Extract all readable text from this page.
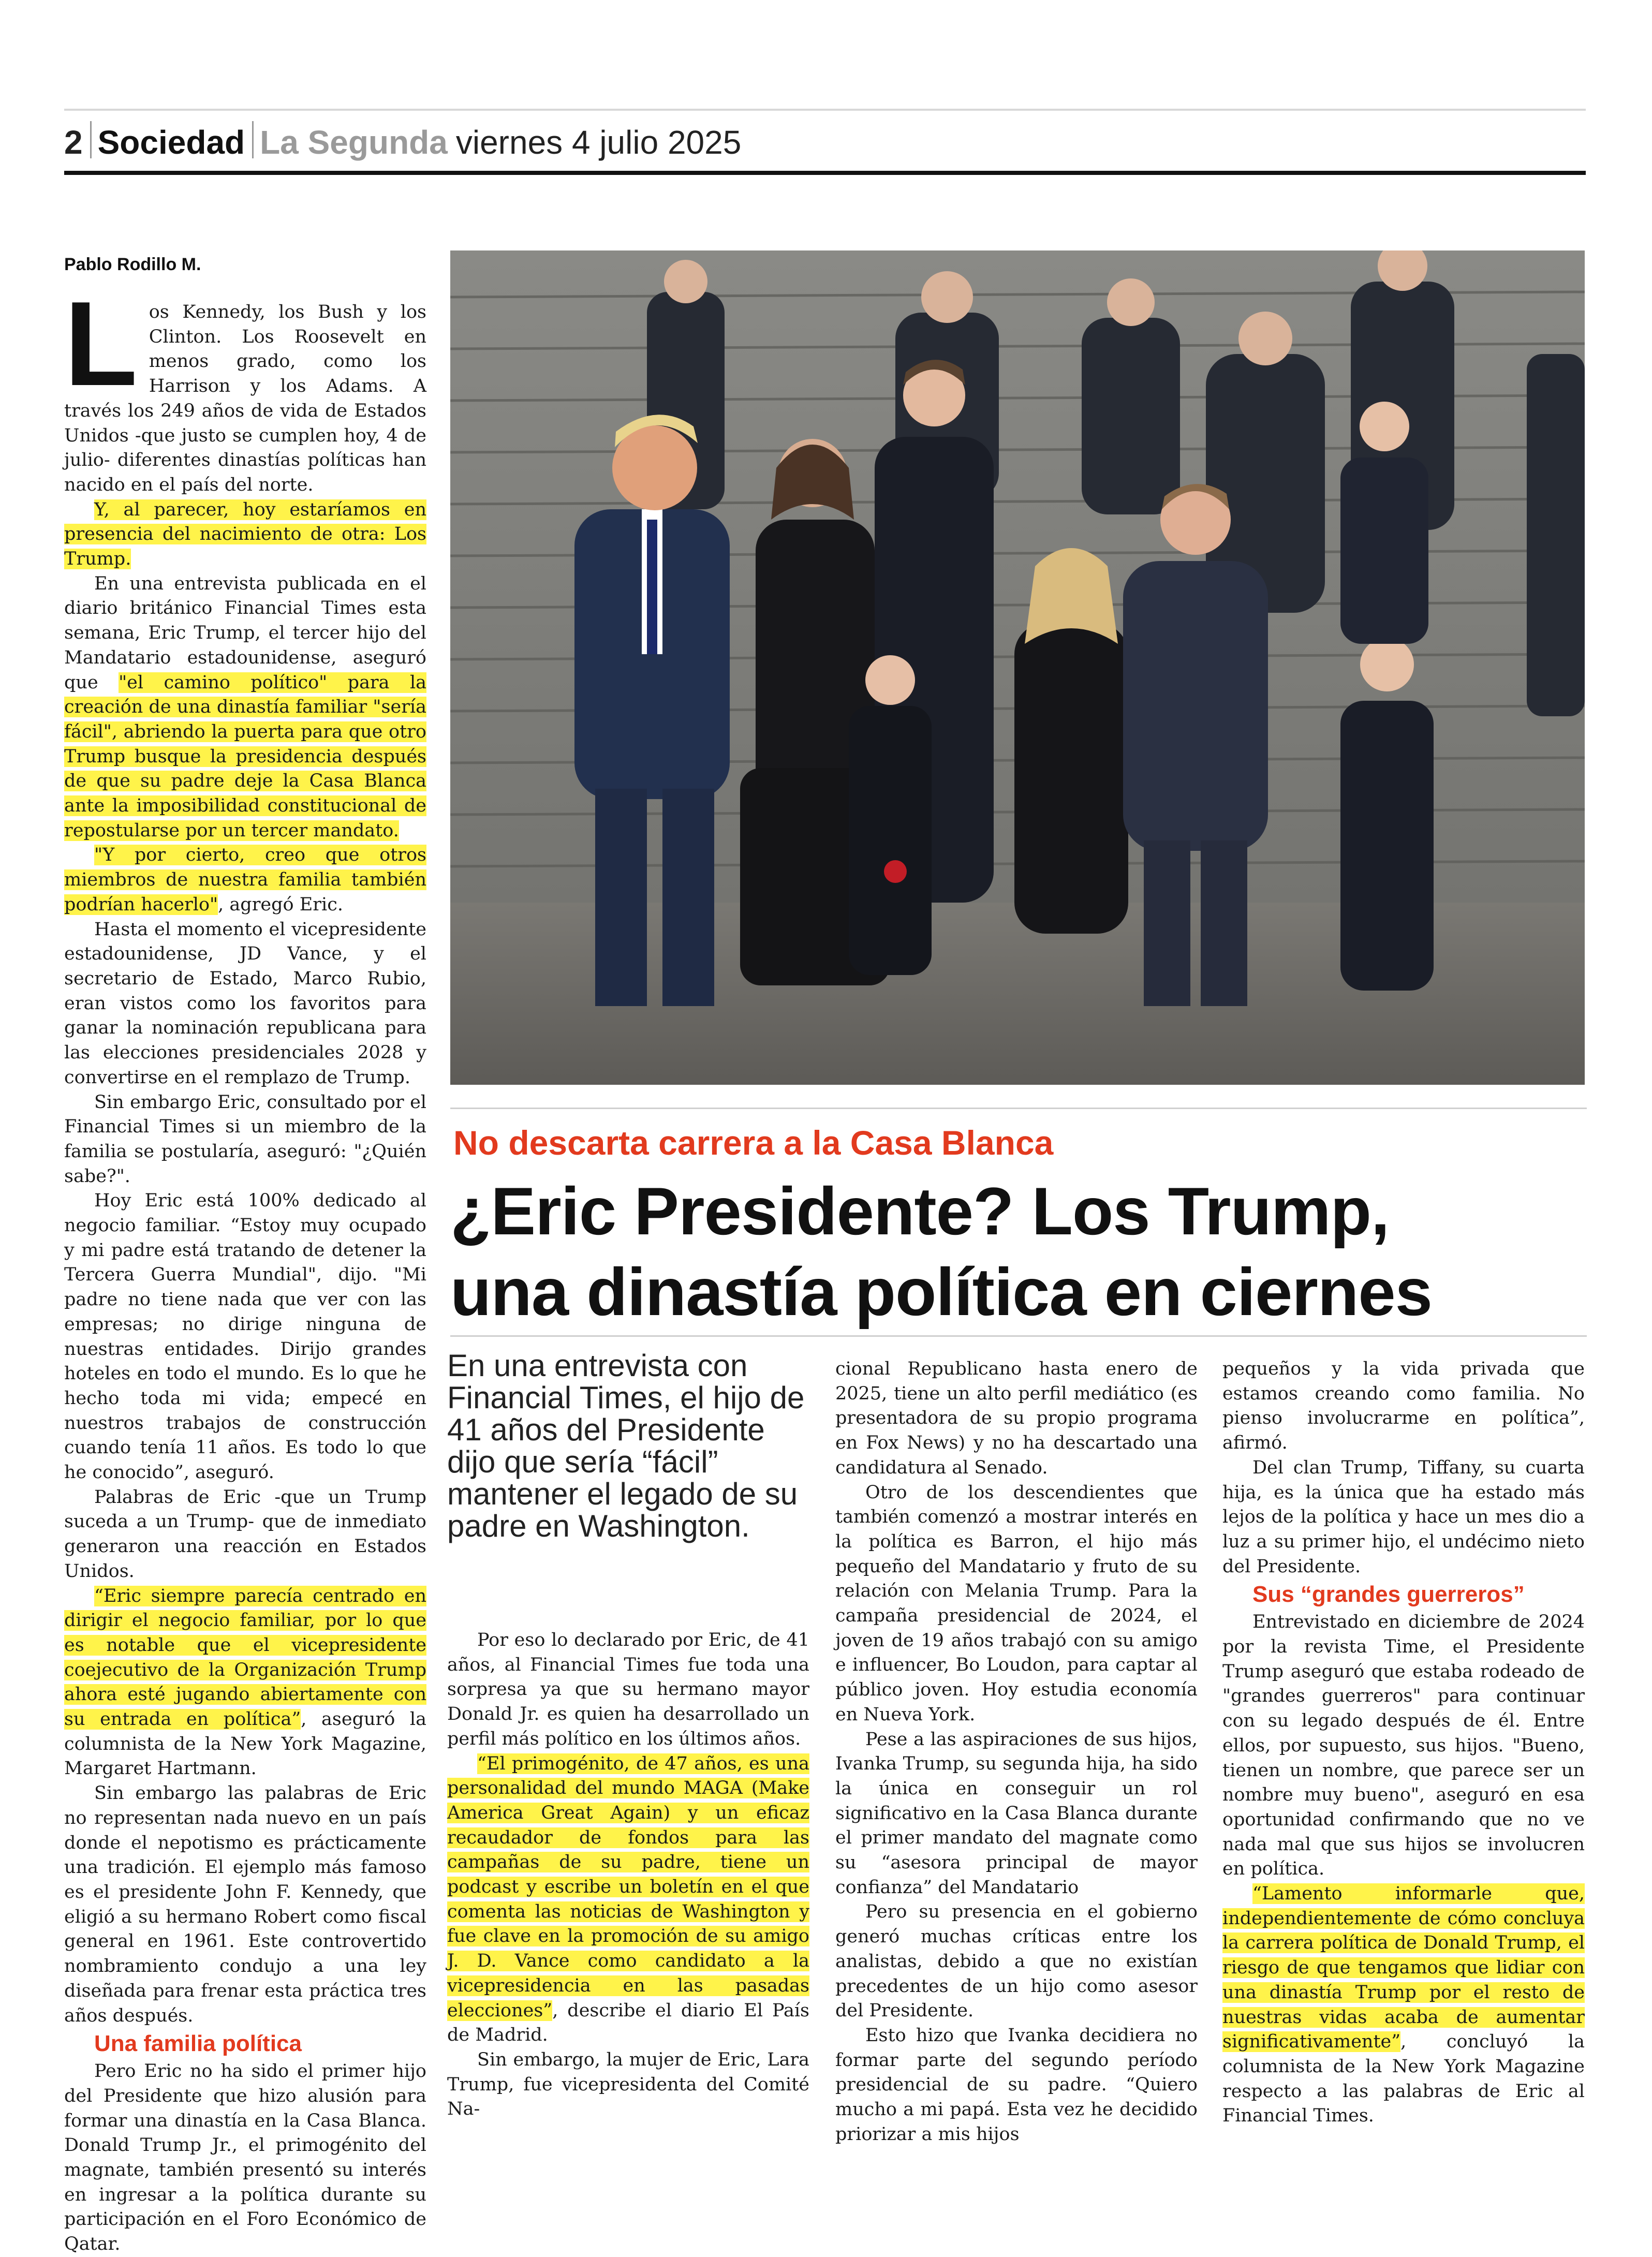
2 Sociedad La Segunda viernes 4 julio 2025
Pablo Rodillo M.

Los Kennedy, los Bush y los Clinton. Los Roosevelt en menos grado, como los Harrison y los Adams. A través los 249 años de vida de Estados Unidos -que justo se cumplen hoy, 4 de julio- diferentes dinastías políticas han nacido en el país del norte.

Y, al parecer, hoy estaríamos en presencia del nacimiento de otra: Los Trump.

En una entrevista publicada en el diario británico Financial Times esta semana, Eric Trump, el tercer hijo del Mandatario estadounidense, aseguró que "el camino político" para la creación de una dinastía familiar "sería fácil", abriendo la puerta para que otro Trump busque la presidencia después de que su padre deje la Casa Blanca ante la imposibilidad constitucional de repostularse por un tercer mandato.

"Y por cierto, creo que otros miembros de nuestra familia también podrían hacerlo", agregó Eric.

Hasta el momento el vicepresidente estadounidense, JD Vance, y el secretario de Estado, Marco Rubio, eran vistos como los favoritos para ganar la nominación republicana para las elecciones presidenciales 2028 y convertirse en el remplazo de Trump.

Sin embargo Eric, consultado por el Financial Times si un miembro de la familia se postularía, aseguró: "¿Quién sabe?".

Hoy Eric está 100% dedicado al negocio familiar. “Estoy muy ocupado y mi padre está tratando de detener la Tercera Guerra Mundial", dijo. "Mi padre no tiene nada que ver con las empresas; no dirige ninguna de nuestras entidades. Dirijo grandes hoteles en todo el mundo. Es lo que he hecho toda mi vida; empecé en nuestros trabajos de construcción cuando tenía 11 años. Es todo lo que he conocido”, aseguró.

Palabras de Eric -que un Trump suceda a un Trump- que de inmediato generaron una reacción en Estados Unidos.

“Eric siempre parecía centrado en dirigir el negocio familiar, por lo que es notable que el vicepresidente coejecutivo de la Organización Trump ahora esté jugando abiertamente con su entrada en política”, aseguró la columnista de la New York Magazine, Margaret Hartmann.

Sin embargo las palabras de Eric no representan nada nuevo en un país donde el nepotismo es prácticamente una tradición. El ejemplo más famoso es el presidente John F. Kennedy, que eligió a su hermano Robert como fiscal general en 1961. Este controvertido nombramiento condujo a una ley diseñada para frenar esta práctica tres años después.

Una familia política

Pero Eric no ha sido el primer hijo del Presidente que hizo alusión para formar una dinastía en la Casa Blanca. Donald Trump Jr., el primogénito del magnate, también presentó su interés en ingresar a la política durante su participación en el Foro Económico de Qatar.

No descarta carrera a la Casa Blanca
¿Eric Presidente? Los Trump,
una dinastía política en ciernes
En una entrevista con Financial Times, el hijo de 41 años del Presidente dijo que sería “fácil” mantener el legado de su padre en Washington.

Por eso lo declarado por Eric, de 41 años, al Financial Times fue toda una sorpresa ya que su hermano mayor Donald Jr. es quien ha desarrollado un perfil más político en los últimos años.

“El primogénito, de 47 años, es una personalidad del mundo MAGA (Make America Great Again) y un eficaz recaudador de fondos para las campañas de su padre, tiene un podcast y escribe un boletín en el que comenta las noticias de Washington y fue clave en la promoción de su amigo J. D. Vance como candidato a la vicepresidencia en las pasadas elecciones”, describe el diario El País de Madrid.

Sin embargo, la mujer de Eric, Lara Trump, fue vicepresidenta del Comité Na-

cional Republicano hasta enero de 2025, tiene un alto perfil mediático (es presentadora de su propio programa en Fox News) y no ha descartado una candidatura al Senado.

Otro de los descendientes que también comenzó a mostrar interés en la política es Barron, el hijo más pequeño del Mandatario y fruto de su relación con Melania Trump. Para la campaña presidencial de 2024, el joven de 19 años trabajó con su amigo e influencer, Bo Loudon, para captar al público joven. Hoy estudia economía en Nueva York.

Pese a las aspiraciones de sus hijos, Ivanka Trump, su segunda hija, ha sido la única en conseguir un rol significativo en la Casa Blanca durante el primer mandato del magnate como su “asesora principal de mayor confianza” del Mandatario

Pero su presencia en el gobierno generó muchas críticas entre los analistas, debido a que no existían precedentes de un hijo como asesor del Presidente.

Esto hizo que Ivanka decidiera no formar parte del segundo período presidencial de su padre. “Quiero mucho a mi papá. Esta vez he decidido priorizar a mis hijos

pequeños y la vida privada que estamos creando como familia. No pienso involucrarme en política”, afirmó.

Del clan Trump, Tiffany, su cuarta hija, es la única que ha estado más lejos de la política y hace un mes dio a luz a su primer hijo, el undécimo nieto del Presidente.

Sus “grandes guerreros”

Entrevistado en diciembre de 2024 por la revista Time, el Presidente Trump aseguró que estaba rodeado de "grandes guerreros" para continuar con su legado después de él. Entre ellos, por supuesto, sus hijos. "Bueno, tienen un nombre, que parece ser un nombre muy bueno", aseguró en esa oportunidad confirmando que no ve nada mal que sus hijos se involucren en política.

“Lamento informarle que, independientemente de cómo concluya la carrera política de Donald Trump, el riesgo de que tengamos que lidiar con una dinastía Trump por el resto de nuestras vidas acaba de aumentar significativamente”, concluyó la columnista de la New York Magazine respecto a las palabras de Eric al Financial Times.
